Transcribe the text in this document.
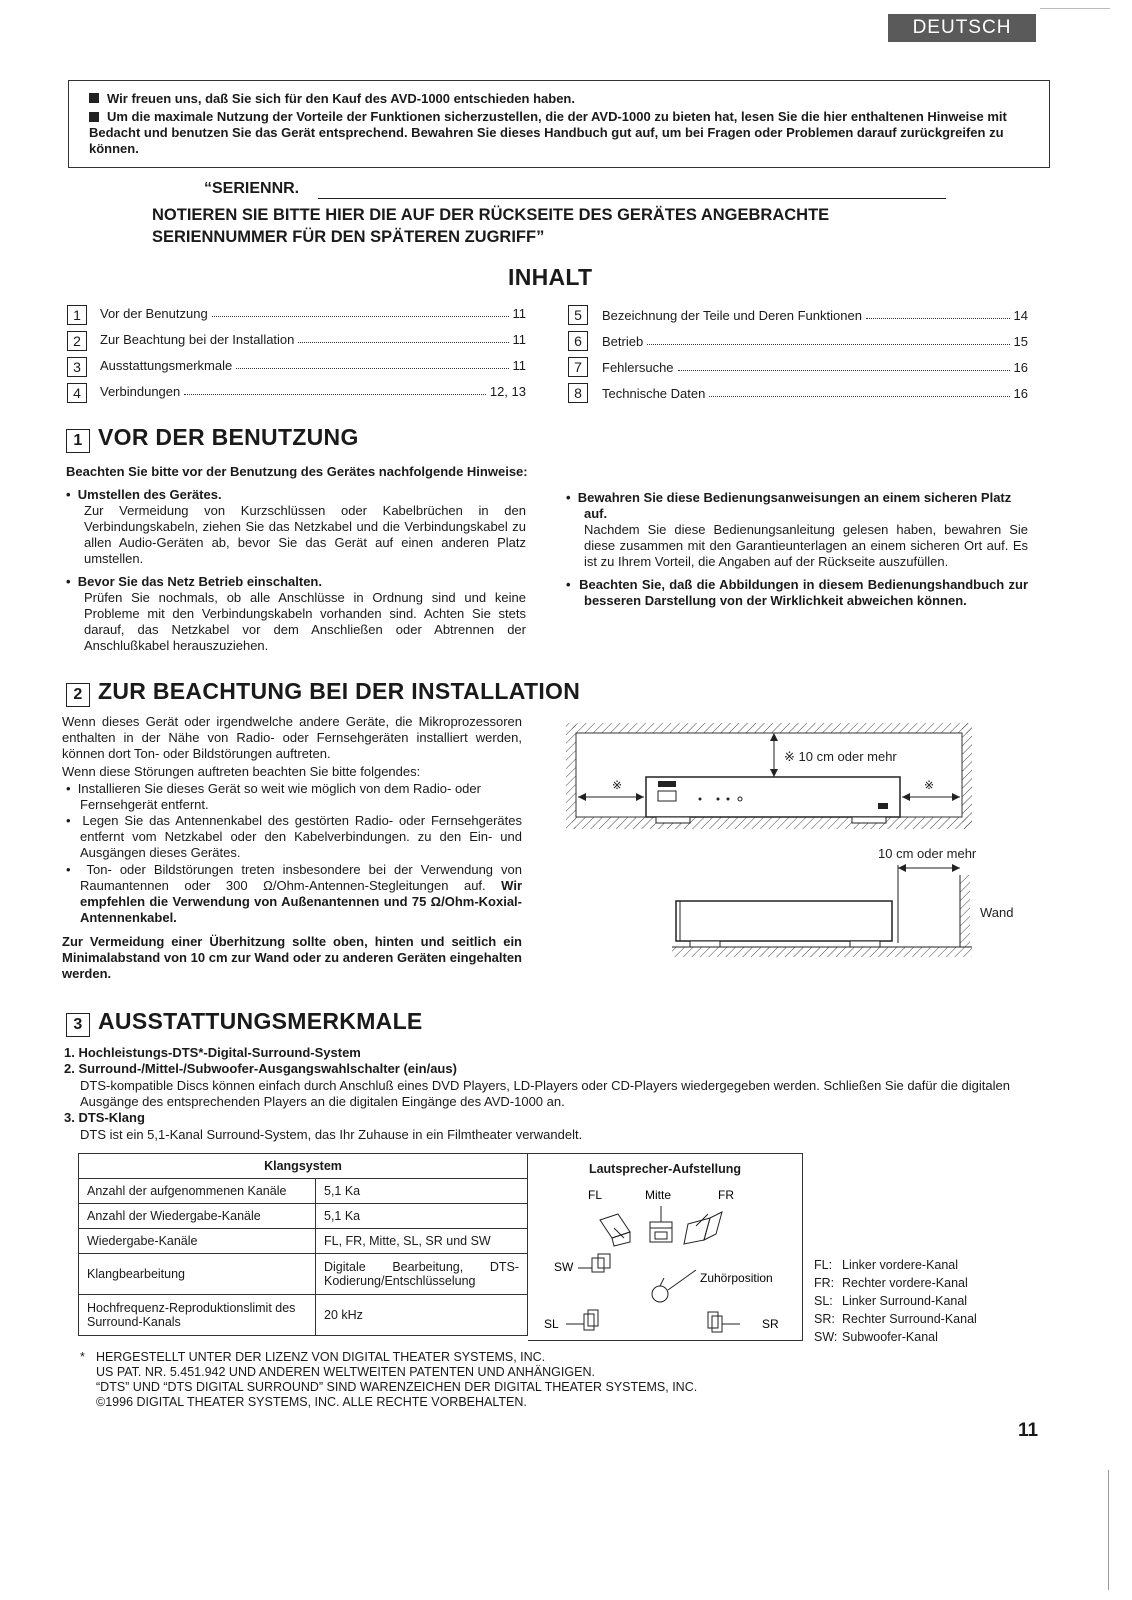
DEUTSCH
Wir freuen uns, daß Sie sich für den Kauf des AVD-1000 entschieden haben.
Um die maximale Nutzung der Vorteile der Funktionen sicherzustellen, die der AVD-1000 zu bieten hat, lesen Sie die hier enthaltenen Hinweise mit Bedacht und benutzen Sie das Gerät entsprechend. Bewahren Sie dieses Handbuch gut auf, um bei Fragen oder Problemen darauf zurückgreifen zu können.
“SERIENNR.
NOTIEREN SIE BITTE HIER DIE AUF DER RÜCKSEITE DES GERÄTES ANGEBRACHTE
SERIENNUMMER FÜR DEN SPÄTEREN ZUGRIFF”
INHALT
1	Vor der Benutzung	11
2	Zur Beachtung bei der Installation	11
3	Ausstattungsmerkmale	11
4	Verbindungen	12, 13
5	Bezeichnung der Teile und Deren Funktionen	14
6	Betrieb	15
7	Fehlersuche	16
8	Technische Daten	16
1 VOR DER BENUTZUNG
Beachten Sie bitte vor der Benutzung des Gerätes nachfolgende Hinweise:
•  Umstellen des Gerätes.
Zur Vermeidung von Kurzschlüssen oder Kabelbrüchen in den Verbindungskabeln, ziehen Sie das Netzkabel und die Verbindungskabel zu allen Audio-Geräten ab, bevor Sie das Gerät auf einen anderen Platz umstellen.
•  Bevor Sie das Netz Betrieb einschalten.
Prüfen Sie nochmals, ob alle Anschlüsse in Ordnung sind und keine Probleme mit den Verbindungskabeln vorhanden sind. Achten Sie stets darauf, das Netzkabel vor dem Anschließen oder Abtrennen der Anschlußkabel herauszuziehen.
•  Bewahren Sie diese Bedienungsanweisungen an einem sicheren Platz auf.
Nachdem Sie diese Bedienungsanleitung gelesen haben, bewahren Sie diese zusammen mit den Garantieunterlagen an einem sicheren Ort auf. Es ist zu Ihrem Vorteil, die Angaben auf der Rückseite auszufüllen.
•  Beachten Sie, daß die Abbildungen in diesem Bedienungshandbuch zur besseren Darstellung von der Wirklichkeit abweichen können.
2 ZUR BEACHTUNG BEI DER INSTALLATION
Wenn dieses Gerät oder irgendwelche andere Geräte, die Mikroprozessoren enthalten in der Nähe von Radio- oder Fernsehgeräten installiert werden, können dort Ton- oder Bildstörungen auftreten.
Wenn diese Störungen auftreten beachten Sie bitte folgendes:
•  Installieren Sie dieses Gerät so weit wie möglich von dem Radio- oder Fernsehgerät entfernt.
•  Legen Sie das Antennenkabel des gestörten Radio- oder Fernsehgerätes entfernt vom Netzkabel oder den Kabelverbindungen. zu den Ein- und Ausgängen dieses Gerätes.
•  Ton- oder Bildstörungen treten insbesondere bei der Verwendung von Raumantennen oder 300 Ω/Ohm-Antennen-Stegleitungen auf. Wir empfehlen die Verwendung von Außenantennen und 75 Ω/Ohm-Koxial-Antennenkabel.
Zur Vermeidung einer Überhitzung sollte oben, hinten und seitlich ein Minimalabstand von 10 cm zur Wand oder zu anderen Geräten eingehalten werden.
※ 10 cm oder mehr
※	※
10 cm oder mehr
Wand
3 AUSSTATTUNGSMERKMALE
1. Hochleistungs-DTS*-Digital-Surround-System
2. Surround-/Mittel-/Subwoofer-Ausgangswahlschalter (ein/aus)
DTS-kompatible Discs können einfach durch Anschluß eines DVD Players, LD-Players oder CD-Players wiedergegeben werden. Schließen Sie dafür die digitalen Ausgänge des entsprechenden Players an die digitalen Eingänge des AVD-1000 an.
3. DTS-Klang
DTS ist ein 5,1-Kanal Surround-System, das Ihr Zuhause in ein Filmtheater verwandelt.
Klangsystem	
Anzahl der aufgenommenen Kanäle	5,1 Ka
Anzahl der Wiedergabe-Kanäle	5,1 Ka
Wiedergabe-Kanäle	FL, FR, Mitte, SL, SR und SW
Klangbearbeitung	Digitale Bearbeitung, DTS-Kodierung/Entschlüsselung
Hochfrequenz-Reproduktionslimit des Surround-Kanals	20 kHz
Lautsprecher-Aufstellung
FL	Mitte	FR
SW
Zuhörposition
SL	SR
FL: Linker vordere-Kanal
FR: Rechter vordere-Kanal
SL: Linker Surround-Kanal
SR: Rechter Surround-Kanal
SW: Subwoofer-Kanal
* HERGESTELLT UNTER DER LIZENZ VON DIGITAL THEATER SYSTEMS, INC.
US PAT. NR. 5.451.942 UND ANDEREN WELTWEITEN PATENTEN UND ANHÄNGIGEN.
“DTS” UND “DTS DIGITAL SURROUND” SIND WARENZEICHEN DER DIGITAL THEATER SYSTEMS, INC.
©1996 DIGITAL THEATER SYSTEMS, INC. ALLE RECHTE VORBEHALTEN.
11
